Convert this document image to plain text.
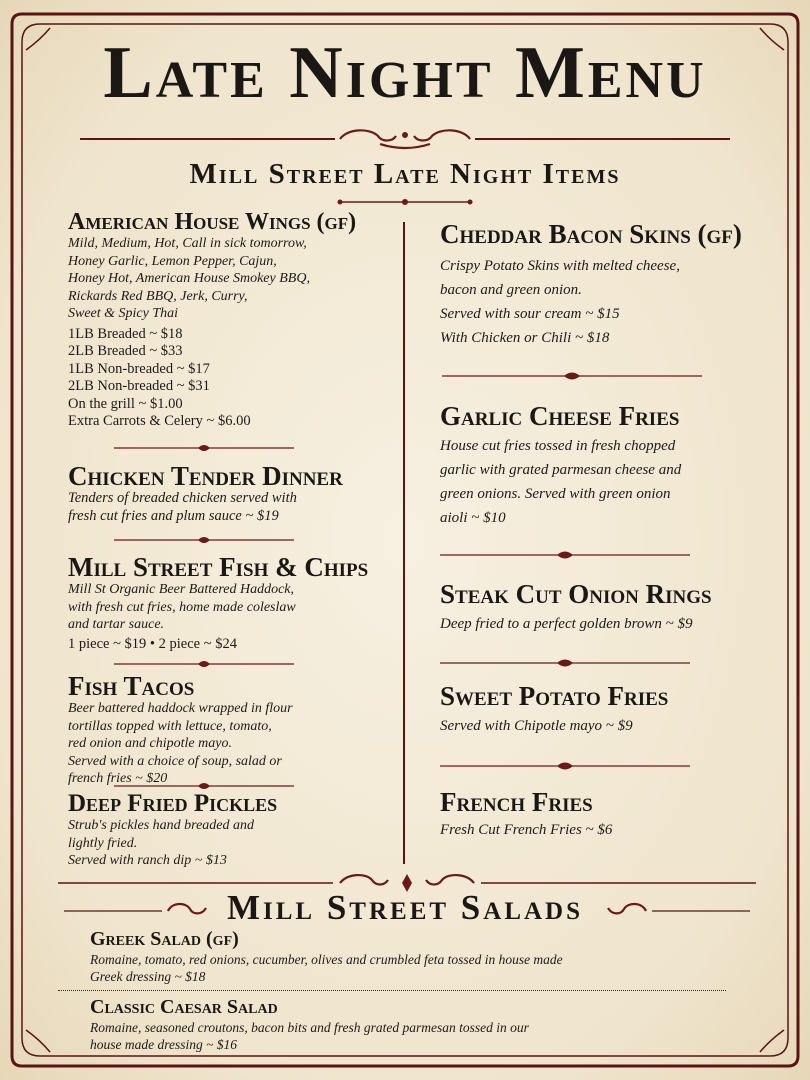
Late Night Menu
Mill Street Late Night Items
American House Wings (gf)
Mild, Medium, Hot, Call in sick tomorrow,
Honey Garlic, Lemon Pepper, Cajun,
Honey Hot, American House Smokey BBQ,
Rickards Red BBQ, Jerk, Curry,
Sweet & Spicy Thai
1LB Breaded ~ $18
2LB Breaded ~ $33
1LB Non-breaded ~ $17
2LB Non-breaded ~ $31
On the grill ~ $1.00
Extra Carrots & Celery ~ $6.00
Chicken Tender Dinner
Tenders of breaded chicken served with
fresh cut fries and plum sauce ~ $19
Mill Street Fish & Chips
Mill St Organic Beer Battered Haddock,
with fresh cut fries, home made coleslaw
and tartar sauce.
1 piece ~ $19 • 2 piece ~ $24
Fish Tacos
Beer battered haddock wrapped in flour
tortillas topped with lettuce, tomato,
red onion and chipotle mayo.
Served with a choice of soup, salad or
french fries ~ $20
Deep Fried Pickles
Strub's pickles hand breaded and
lightly fried.
Served with ranch dip ~ $13
Cheddar Bacon Skins (gf)
Crispy Potato Skins with melted cheese,
bacon and green onion.
Served with sour cream ~ $15
With Chicken or Chili ~ $18
Garlic Cheese Fries
House cut fries tossed in fresh chopped
garlic with grated parmesan cheese and
green onions. Served with green onion
aioli ~ $10
Steak Cut Onion Rings
Deep fried to a perfect golden brown ~ $9
Sweet Potato Fries
Served with Chipotle mayo ~ $9
French Fries
Fresh Cut French Fries ~ $6
Mill Street Salads
Greek Salad (gf)
Romaine, tomato, red onions, cucumber, olives and crumbled feta tossed in house made
Greek dressing ~ $18
Classic Caesar Salad
Romaine, seasoned croutons, bacon bits and fresh grated parmesan tossed in our
house made dressing ~ $16
